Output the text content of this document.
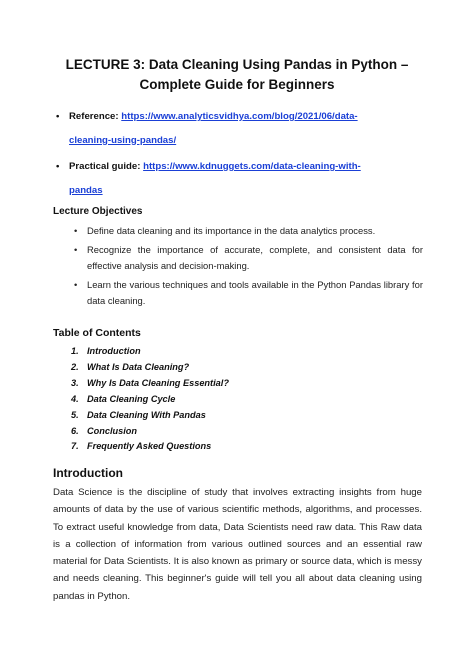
LECTURE 3: Data Cleaning Using Pandas in Python –
Complete Guide for Beginners
• Reference: https://www.analyticsvidhya.com/blog/2021/06/data-
cleaning-using-pandas/
• Practical guide: https://www.kdnuggets.com/data-cleaning-with-
pandas
Lecture Objectives
• Define data cleaning and its importance in the data analytics process.
• Recognize the importance of accurate, complete, and consistent data for effective analysis and decision-making.
• Learn the various techniques and tools available in the Python Pandas library for data cleaning.
Table of Contents
1. Introduction
2. What Is Data Cleaning?
3. Why Is Data Cleaning Essential?
4. Data Cleaning Cycle
5. Data Cleaning With Pandas
6. Conclusion
7. Frequently Asked Questions
Introduction

Data Science is the discipline of study that involves extracting insights from huge amounts of data by the use of various scientific methods, algorithms, and processes. To extract useful knowledge from data, Data Scientists need raw data. This Raw data is a collection of information from various outlined sources and an essential raw material for Data Scientists. It is also known as primary or source data, which is messy and needs cleaning. This beginner's guide will tell you all about data cleaning using pandas in Python.
